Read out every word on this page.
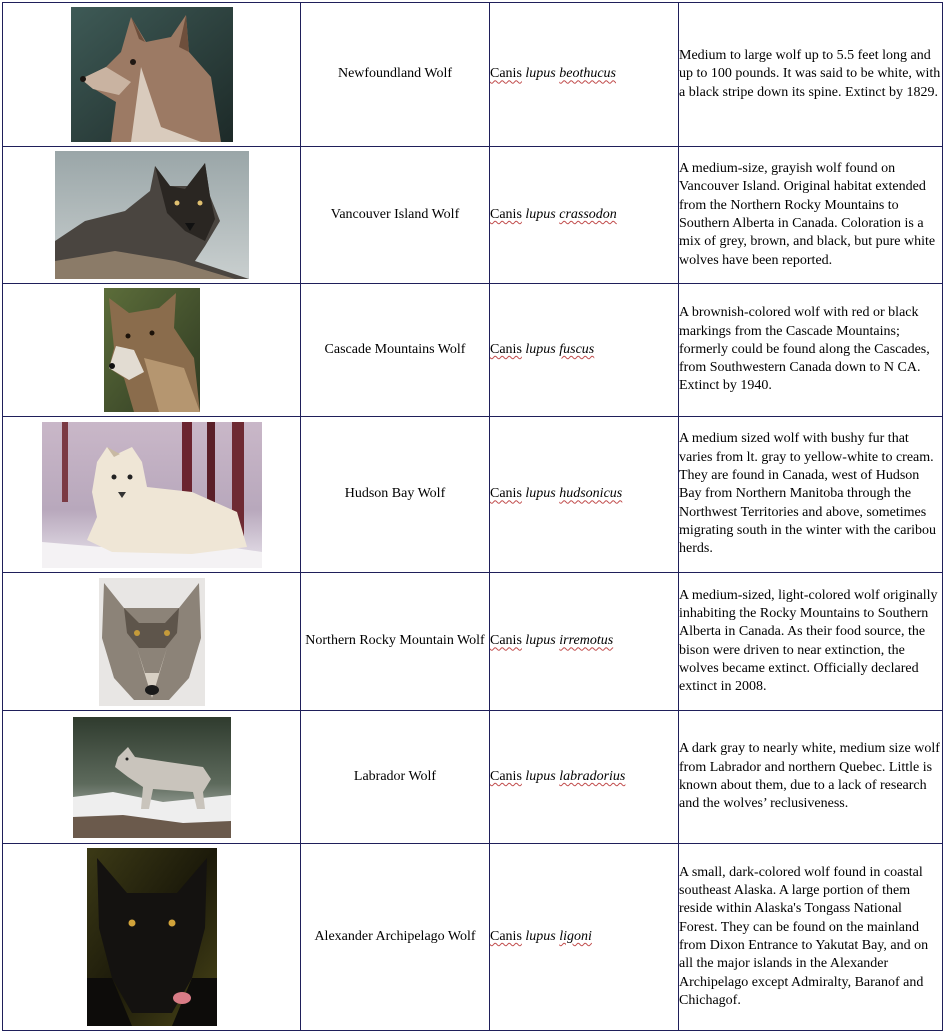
	Newfoundland Wolf	Canis lupus beothucus	Medium to large wolf up to 5.5 feet long and up to 100 pounds. It was said to be white, with a black stripe down its spine. Extinct by 1829.

	Vancouver Island Wolf	Canis lupus crassodon	A medium-size, grayish wolf found on Vancouver Island. Original habitat extended from the Northern Rocky Mountains to Southern Alberta in Canada. Coloration is a mix of grey, brown, and black, but pure white wolves have been reported.

	Cascade Mountains Wolf	Canis lupus fuscus	A brownish-colored wolf with red or black markings from the Cascade Mountains; formerly could be found along the Cascades, from Southwestern Canada down to N CA. Extinct by 1940.

	Hudson Bay Wolf	Canis lupus hudsonicus	A medium sized wolf with bushy fur that varies from lt. gray to yellow-white to cream. They are found in Canada, west of Hudson Bay from Northern Manitoba through the Northwest Territories and above, sometimes migrating south in the winter with the caribou herds.

	Northern Rocky Mountain Wolf	Canis lupus irremotus	A medium-sized, light-colored wolf originally inhabiting the Rocky Mountains to Southern Alberta in Canada. As their food source, the bison were driven to near extinction, the wolves became extinct. Officially declared extinct in 2008.

	Labrador Wolf	Canis lupus labradorius	A dark gray to nearly white, medium size wolf from Labrador and northern Quebec. Little is known about them, due to a lack of research and the wolves’ reclusiveness.

	Alexander Archipelago Wolf	Canis lupus ligoni	A small, dark-colored wolf found in coastal southeast Alaska. A large portion of them reside within Alaska's Tongass National Forest. They can be found on the mainland from Dixon Entrance to Yakutat Bay, and on all the major islands in the Alexander Archipelago except Admiralty, Baranof and Chichagof.
